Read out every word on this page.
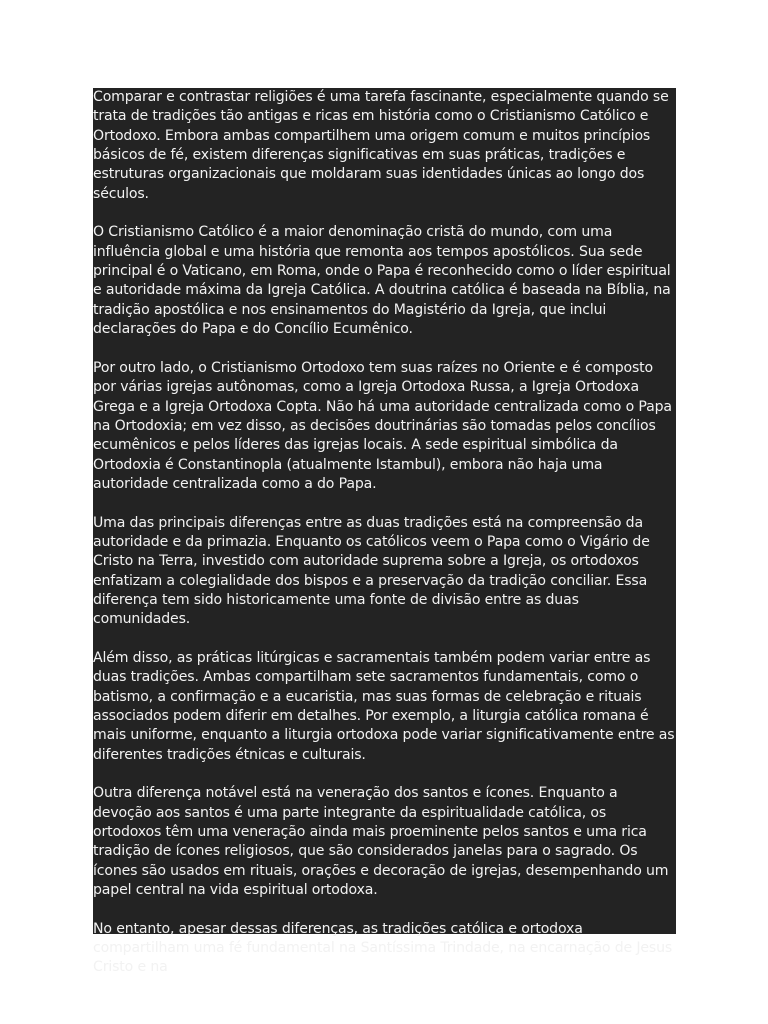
Comparar e contrastar religiões é uma tarefa fascinante, especialmente quando se trata de tradições tão antigas e ricas em história como o Cristianismo Católico e Ortodoxo. Embora ambas compartilhem uma origem comum e muitos princípios básicos de fé, existem diferenças significativas em suas práticas, tradições e estruturas organizacionais que moldaram suas identidades únicas ao longo dos séculos.

O Cristianismo Católico é a maior denominação cristã do mundo, com uma influência global e uma história que remonta aos tempos apostólicos. Sua sede principal é o Vaticano, em Roma, onde o Papa é reconhecido como o líder espiritual e autoridade máxima da Igreja Católica. A doutrina católica é baseada na Bíblia, na tradição apostólica e nos ensinamentos do Magistério da Igreja, que inclui declarações do Papa e do Concílio Ecumênico.

Por outro lado, o Cristianismo Ortodoxo tem suas raízes no Oriente e é composto por várias igrejas autônomas, como a Igreja Ortodoxa Russa, a Igreja Ortodoxa Grega e a Igreja Ortodoxa Copta. Não há uma autoridade centralizada como o Papa na Ortodoxia; em vez disso, as decisões doutrinárias são tomadas pelos concílios ecumênicos e pelos líderes das igrejas locais. A sede espiritual simbólica da Ortodoxia é Constantinopla (atualmente Istambul), embora não haja uma autoridade centralizada como a do Papa.

Uma das principais diferenças entre as duas tradições está na compreensão da autoridade e da primazia. Enquanto os católicos veem o Papa como o Vigário de Cristo na Terra, investido com autoridade suprema sobre a Igreja, os ortodoxos enfatizam a colegialidade dos bispos e a preservação da tradição conciliar. Essa diferença tem sido historicamente uma fonte de divisão entre as duas comunidades.

Além disso, as práticas litúrgicas e sacramentais também podem variar entre as duas tradições. Ambas compartilham sete sacramentos fundamentais, como o batismo, a confirmação e a eucaristia, mas suas formas de celebração e rituais associados podem diferir em detalhes. Por exemplo, a liturgia católica romana é mais uniforme, enquanto a liturgia ortodoxa pode variar significativamente entre as diferentes tradições étnicas e culturais.

Outra diferença notável está na veneração dos santos e ícones. Enquanto a devoção aos santos é uma parte integrante da espiritualidade católica, os ortodoxos têm uma veneração ainda mais proeminente pelos santos e uma rica tradição de ícones religiosos, que são considerados janelas para o sagrado. Os ícones são usados em rituais, orações e decoração de igrejas, desempenhando um papel central na vida espiritual ortodoxa.

No entanto, apesar dessas diferenças, as tradições católica e ortodoxa compartilham uma fé fundamental na Santíssima Trindade, na encarnação de Jesus Cristo e na
